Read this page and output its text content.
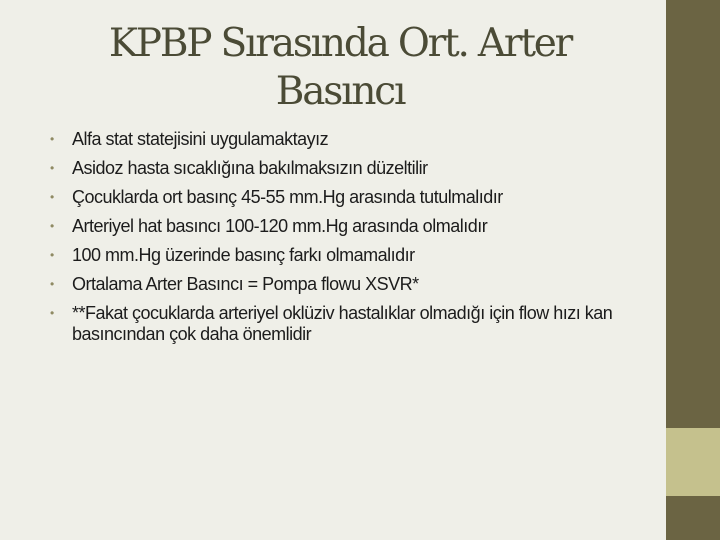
KPBP Sırasında Ort. Arter Basıncı
•	Alfa stat statejisini uygulamaktayız
•	Asidoz hasta sıcaklığına bakılmaksızın düzeltilir
•	Çocuklarda ort basınç 45-55 mm.Hg arasında tutulmalıdır
•	Arteriyel hat basıncı 100-120 mm.Hg arasında olmalıdır
•	100 mm.Hg üzerinde basınç farkı olmamalıdır
•	Ortalama Arter Basıncı = Pompa flowu XSVR*
•	**Fakat çocuklarda arteriyel oklüziv hastalıklar olmadığı için flow hızı kan basıncından çok daha önemlidir
